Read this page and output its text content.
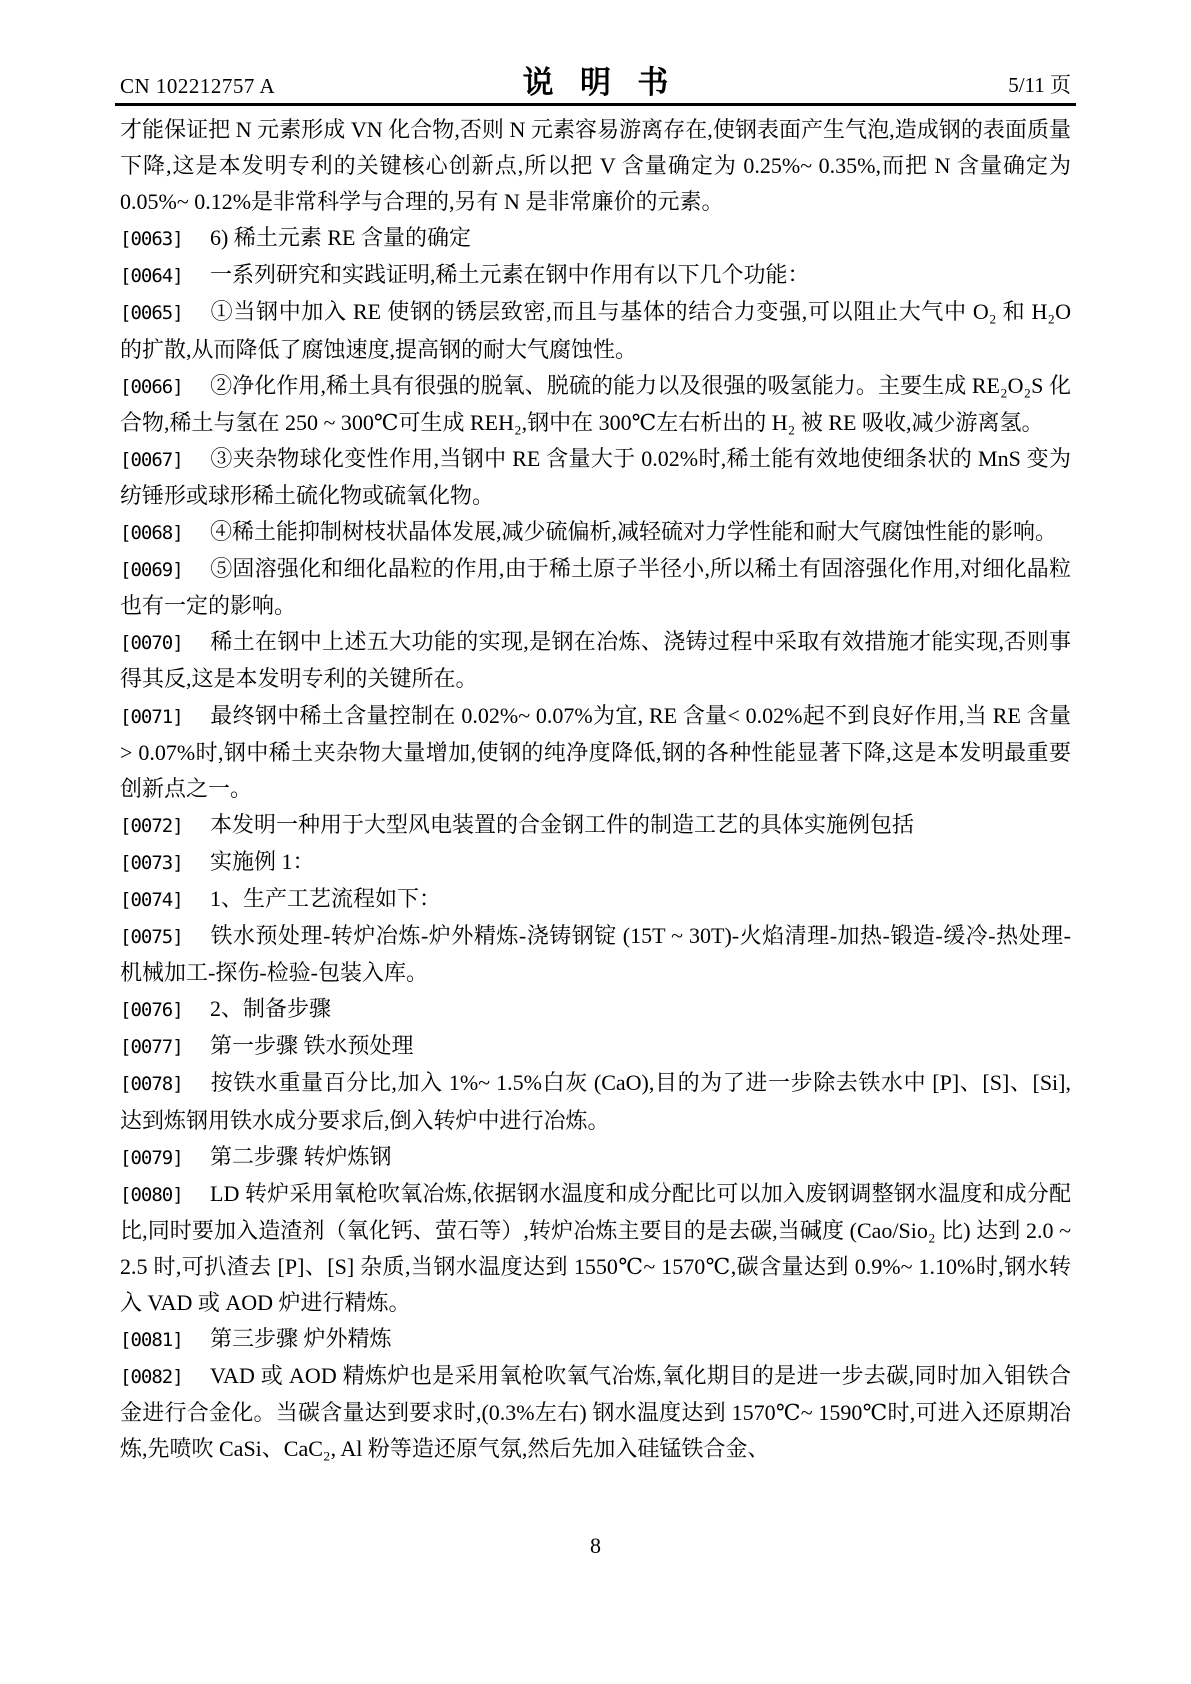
CN 102212757 A	说明书	5/11 页

才能保证把 N 元素形成 VN 化合物,否则 N 元素容易游离存在,使钢表面产生气泡,造成钢的表面质量下降,这是本发明专利的关键核心创新点,所以把 V 含量确定为 0.25%~ 0.35%,而把 N 含量确定为 0.05%~ 0.12%是非常科学与合理的,另有 N 是非常廉价的元素。

[0063] 6) 稀土元素 RE 含量的确定

[0064] 一系列研究和实践证明,稀土元素在钢中作用有以下几个功能：

[0065] ①当钢中加入 RE 使钢的锈层致密,而且与基体的结合力变强,可以阻止大气中 O₂ 和 H₂O 的扩散,从而降低了腐蚀速度,提高钢的耐大气腐蚀性。

[0066] ②净化作用,稀土具有很强的脱氧、脱硫的能力以及很强的吸氢能力。主要生成 RE₂O₂S 化合物,稀土与氢在 250 ~ 300℃可生成 REH₂,钢中在 300℃左右析出的 H₂ 被 RE 吸收,减少游离氢。

[0067] ③夹杂物球化变性作用,当钢中 RE 含量大于 0.02%时,稀土能有效地使细条状的 MnS 变为纺锤形或球形稀土硫化物或硫氧化物。

[0068] ④稀土能抑制树枝状晶体发展,减少硫偏析,减轻硫对力学性能和耐大气腐蚀性能的影响。

[0069] ⑤固溶强化和细化晶粒的作用,由于稀土原子半径小,所以稀土有固溶强化作用,对细化晶粒也有一定的影响。

[0070] 稀土在钢中上述五大功能的实现,是钢在冶炼、浇铸过程中采取有效措施才能实现,否则事得其反,这是本发明专利的关键所在。

[0071] 最终钢中稀土含量控制在 0.02%~ 0.07%为宜, RE 含量< 0.02%起不到良好作用,当 RE 含量> 0.07%时,钢中稀土夹杂物大量增加,使钢的纯净度降低,钢的各种性能显著下降,这是本发明最重要创新点之一。

[0072] 本发明一种用于大型风电装置的合金钢工件的制造工艺的具体实施例包括

[0073] 实施例 1：

[0074] 1、生产工艺流程如下：

[0075] 铁水预处理-转炉冶炼-炉外精炼-浇铸钢锭 (15T ~ 30T)-火焰清理-加热-锻造-缓冷-热处理-机械加工-探伤-检验-包装入库。

[0076] 2、制备步骤

[0077] 第一步骤 铁水预处理

[0078] 按铁水重量百分比,加入 1%~ 1.5%白灰 (CaO),目的为了进一步除去铁水中 [P]、[S]、[Si],达到炼钢用铁水成分要求后,倒入转炉中进行冶炼。

[0079] 第二步骤 转炉炼钢

[0080] LD 转炉采用氧枪吹氧冶炼,依据钢水温度和成分配比可以加入废钢调整钢水温度和成分配比,同时要加入造渣剂（氧化钙、萤石等）,转炉冶炼主要目的是去碳,当碱度 (Cao/Sio₂ 比) 达到 2.0 ~ 2.5 时,可扒渣去 [P]、[S] 杂质,当钢水温度达到 1550℃~ 1570℃,碳含量达到 0.9%~ 1.10%时,钢水转入 VAD 或 AOD 炉进行精炼。

[0081] 第三步骤 炉外精炼

[0082] VAD 或 AOD 精炼炉也是采用氧枪吹氧气冶炼,氧化期目的是进一步去碳,同时加入钼铁合金进行合金化。当碳含量达到要求时,(0.3%左右) 钢水温度达到 1570℃~ 1590℃时,可进入还原期冶炼,先喷吹 CaSi、CaC₂, Al 粉等造还原气氛,然后先加入硅锰铁合金、

8
